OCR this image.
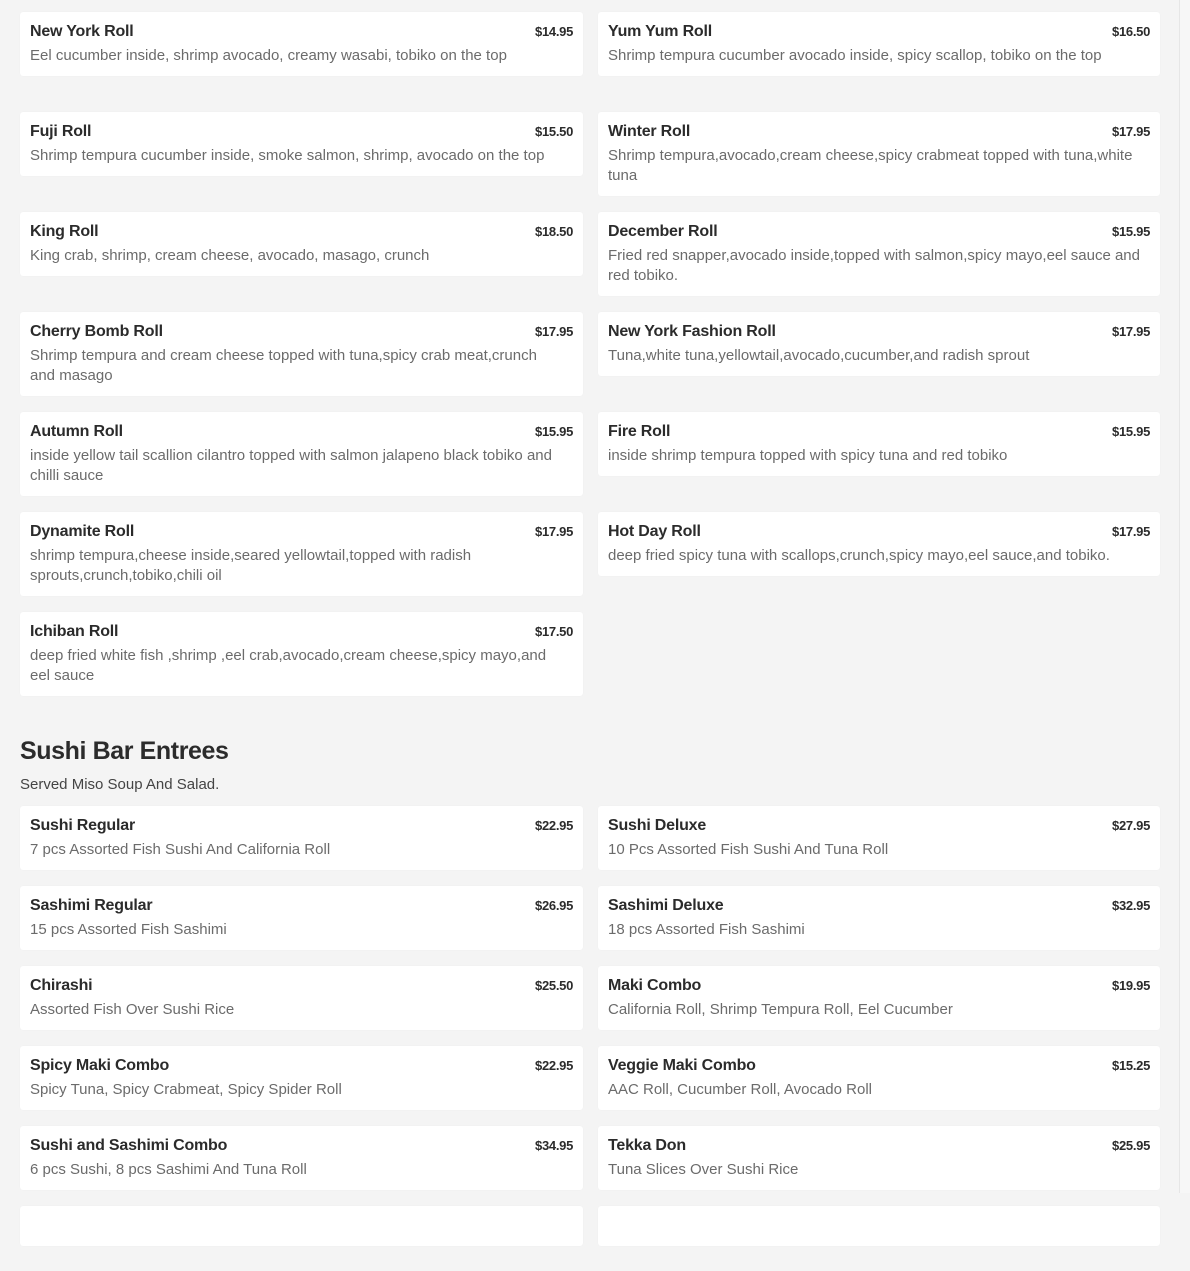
New York Roll	$14.95
Eel cucumber inside, shrimp avocado, creamy wasabi, tobiko on the top
Yum Yum Roll	$16.50
Shrimp tempura cucumber avocado inside, spicy scallop, tobiko on the top
Fuji Roll	$15.50
Shrimp tempura cucumber inside, smoke salmon, shrimp, avocado on the top
Winter Roll	$17.95
Shrimp tempura,avocado,cream cheese,spicy crabmeat topped with tuna,white tuna
King Roll	$18.50
King crab, shrimp, cream cheese, avocado, masago, crunch
December Roll	$15.95
Fried red snapper,avocado inside,topped with salmon,spicy mayo,eel sauce and red tobiko.
Cherry Bomb Roll	$17.95
Shrimp tempura and cream cheese topped with tuna,spicy crab meat,crunch and masago
New York Fashion Roll	$17.95
Tuna,white tuna,yellowtail,avocado,cucumber,and radish sprout
Autumn Roll	$15.95
inside yellow tail scallion cilantro topped with salmon jalapeno black tobiko and chilli sauce
Fire Roll	$15.95
inside shrimp tempura topped with spicy tuna and red tobiko
Dynamite Roll	$17.95
shrimp tempura,cheese inside,seared yellowtail,topped with radish sprouts,crunch,tobiko,chili oil
Hot Day Roll	$17.95
deep fried spicy tuna with scallops,crunch,spicy mayo,eel sauce,and tobiko.
Ichiban Roll	$17.50
deep fried white fish ,shrimp ,eel crab,avocado,cream cheese,spicy mayo,and eel sauce
Sushi Bar Entrees
Served Miso Soup And Salad.
Sushi Regular	$22.95
7 pcs Assorted Fish Sushi And California Roll
Sushi Deluxe	$27.95
10 Pcs Assorted Fish Sushi And Tuna Roll
Sashimi Regular	$26.95
15 pcs Assorted Fish Sashimi
Sashimi Deluxe	$32.95
18 pcs Assorted Fish Sashimi
Chirashi	$25.50
Assorted Fish Over Sushi Rice
Maki Combo	$19.95
California Roll, Shrimp Tempura Roll, Eel Cucumber
Spicy Maki Combo	$22.95
Spicy Tuna, Spicy Crabmeat, Spicy Spider Roll
Veggie Maki Combo	$15.25
AAC Roll, Cucumber Roll, Avocado Roll
Sushi and Sashimi Combo	$34.95
6 pcs Sushi, 8 pcs Sashimi And Tuna Roll
Tekka Don	$25.95
Tuna Slices Over Sushi Rice
